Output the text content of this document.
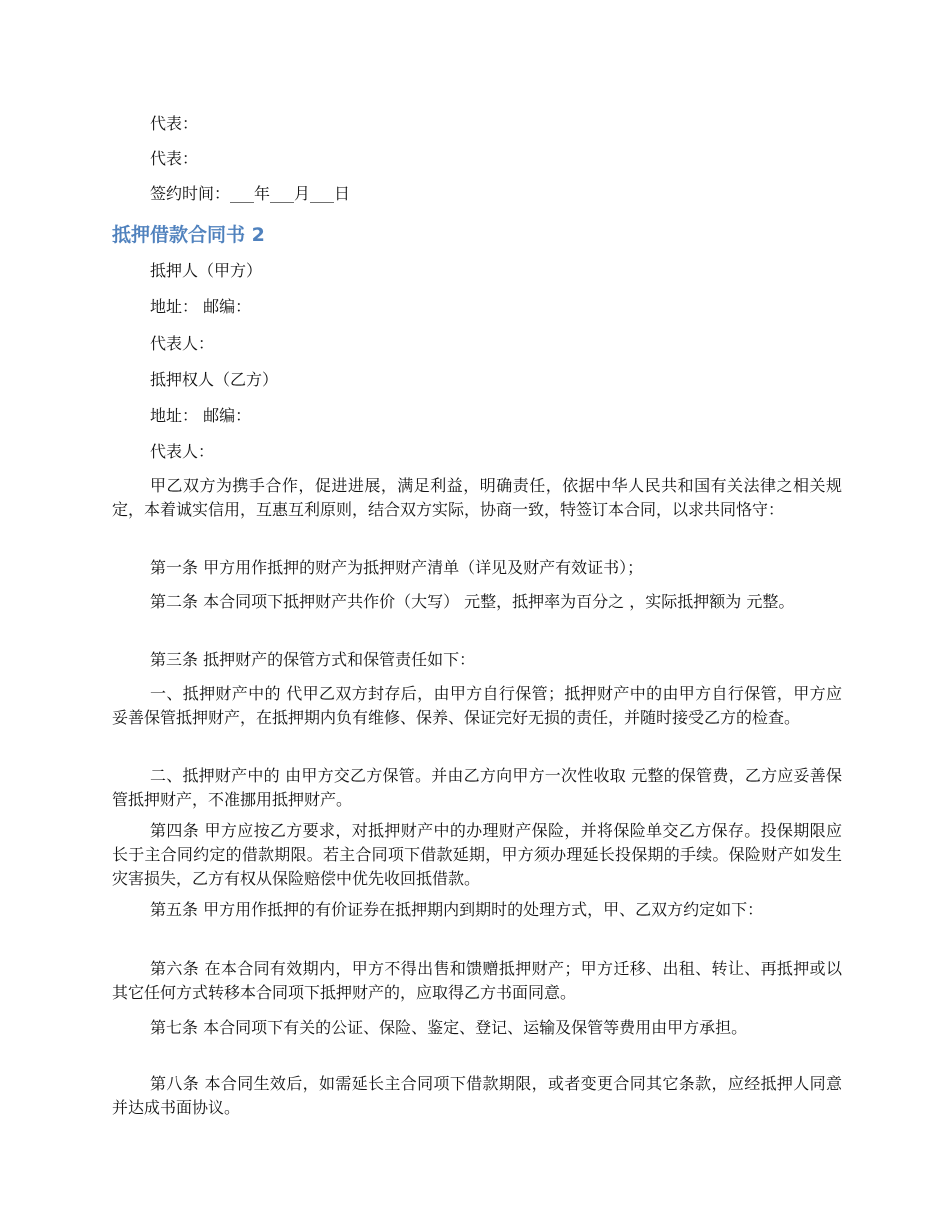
代表：
代表：
签约时间：___年___月___日
抵押借款合同书 2
抵押人（甲方）
地址： 邮编：
代表人：
抵押权人（乙方）
地址： 邮编：
代表人：
甲乙双方为携手合作，促进进展，满足利益，明确责任，依据中华人民共和国有关法律之相关规定，本着诚实信用，互惠互利原则，结合双方实际，协商一致，特签订本合同，以求共同恪守：
第一条 甲方用作抵押的财产为抵押财产清单（详见及财产有效证书）；
第二条 本合同项下抵押财产共作价（大写） 元整，抵押率为百分之 ，实际抵押额为 元整。
第三条 抵押财产的保管方式和保管责任如下：
一、抵押财产中的 代甲乙双方封存后，由甲方自行保管；抵押财产中的由甲方自行保管，甲方应妥善保管抵押财产，在抵押期内负有维修、保养、保证完好无损的责任，并随时接受乙方的检查。
二、抵押财产中的 由甲方交乙方保管。并由乙方向甲方一次性收取 元整的保管费，乙方应妥善保管抵押财产，不准挪用抵押财产。
第四条 甲方应按乙方要求，对抵押财产中的办理财产保险，并将保险单交乙方保存。投保期限应长于主合同约定的借款期限。若主合同项下借款延期，甲方须办理延长投保期的手续。保险财产如发生灾害损失，乙方有权从保险赔偿中优先收回抵借款。
第五条 甲方用作抵押的有价证券在抵押期内到期时的处理方式，甲、乙双方约定如下：
第六条 在本合同有效期内，甲方不得出售和馈赠抵押财产；甲方迁移、出租、转让、再抵押或以其它任何方式转移本合同项下抵押财产的，应取得乙方书面同意。
第七条 本合同项下有关的公证、保险、鉴定、登记、运输及保管等费用由甲方承担。
第八条 本合同生效后，如需延长主合同项下借款期限，或者变更合同其它条款，应经抵押人同意并达成书面协议。
